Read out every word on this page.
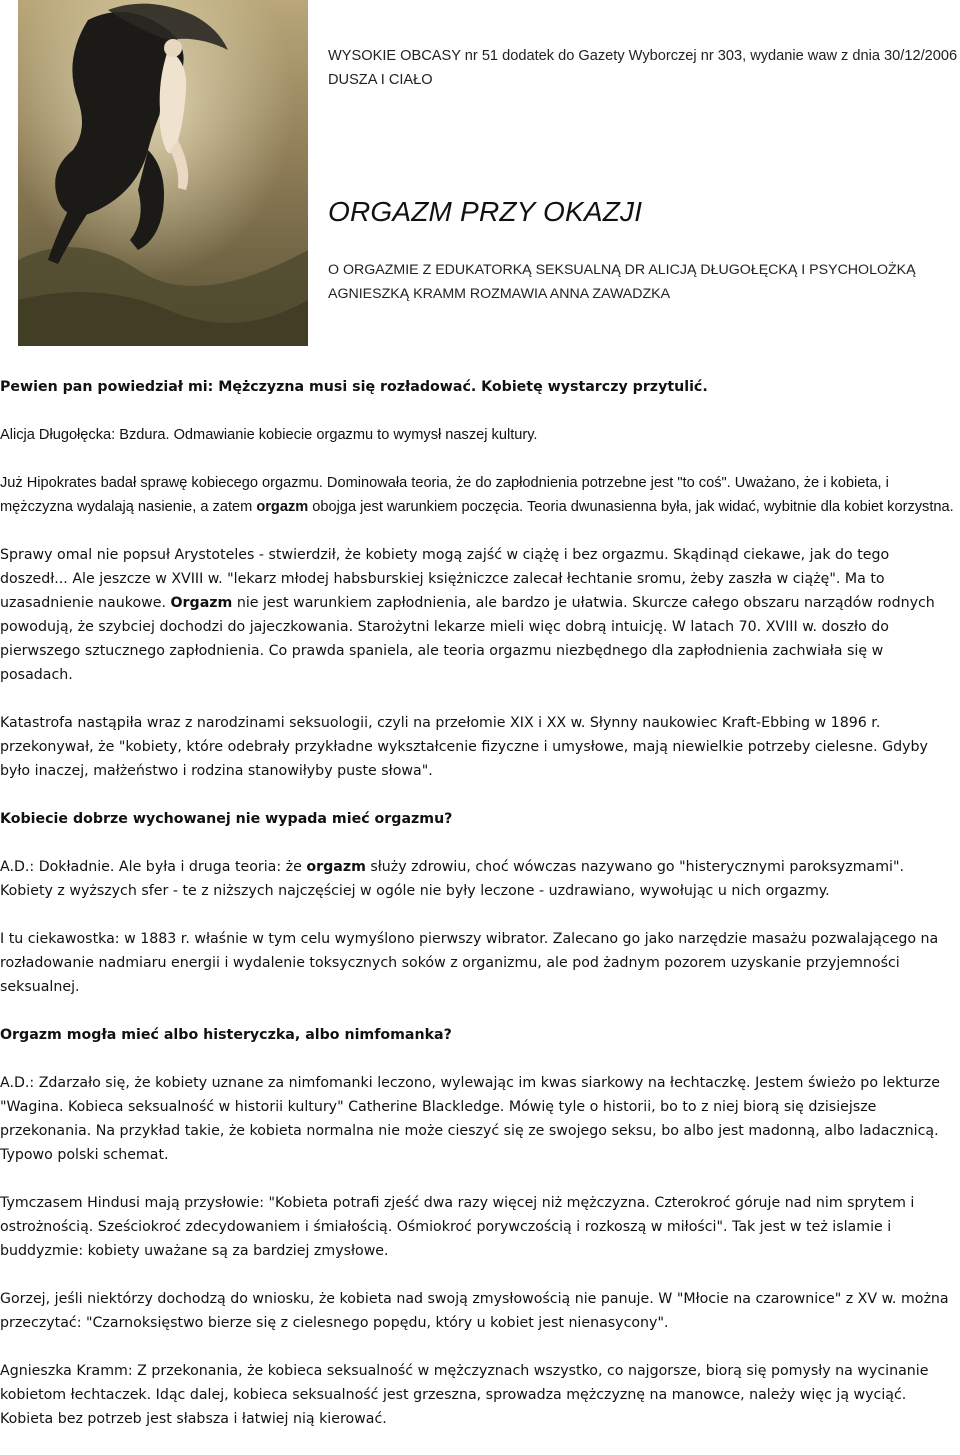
WYSOKIE OBCASY nr 51 dodatek do Gazety Wyborczej nr 303, wydanie waw z dnia 30/12/2006 DUSZA I CIAŁO

ORGAZM PRZY OKAZJI

O ORGAZMIE Z EDUKATORKĄ SEKSUALNĄ DR ALICJĄ DŁUGOŁĘCKĄ I PSYCHOLOŻKĄ AGNIESZKĄ KRAMM ROZMAWIA ANNA ZAWADZKA

Pewien pan powiedział mi: Mężczyzna musi się rozładować. Kobietę wystarczy przytulić.

Alicja Długołęcka: Bzdura. Odmawianie kobiecie orgazmu to wymysł naszej kultury.

Już Hipokrates badał sprawę kobiecego orgazmu. Dominowała teoria, że do zapłodnienia potrzebne jest "to coś". Uważano, że i kobieta, i mężczyzna wydalają nasienie, a zatem orgazm obojga jest warunkiem poczęcia. Teoria dwunasienna była, jak widać, wybitnie dla kobiet korzystna.

Sprawy omal nie popsuł Arystoteles - stwierdził, że kobiety mogą zajść w ciążę i bez orgazmu. Skądinąd ciekawe, jak do tego doszedł... Ale jeszcze w XVIII w. "lekarz młodej habsburskiej księżniczce zalecał łechtanie sromu, żeby zaszła w ciążę". Ma to uzasadnienie naukowe. Orgazm nie jest warunkiem zapłodnienia, ale bardzo je ułatwia. Skurcze całego obszaru narządów rodnych powodują, że szybciej dochodzi do jajeczkowania. Starożytni lekarze mieli więc dobrą intuicję. W latach 70. XVIII w. doszło do pierwszego sztucznego zapłodnienia. Co prawda spaniela, ale teoria orgazmu niezbędnego dla zapłodnienia zachwiała się w posadach.

Katastrofa nastąpiła wraz z narodzinami seksuologii, czyli na przełomie XIX i XX w. Słynny naukowiec Kraft-Ebbing w 1896 r. przekonywał, że "kobiety, które odebrały przykładne wykształcenie fizyczne i umysłowe, mają niewielkie potrzeby cielesne. Gdyby było inaczej, małżeństwo i rodzina stanowiłyby puste słowa".

Kobiecie dobrze wychowanej nie wypada mieć orgazmu?

A.D.: Dokładnie. Ale była i druga teoria: że orgazm służy zdrowiu, choć wówczas nazywano go "histerycznymi paroksyzmami". Kobiety z wyższych sfer - te z niższych najczęściej w ogóle nie były leczone - uzdrawiano, wywołując u nich orgazmy.

I tu ciekawostka: w 1883 r. właśnie w tym celu wymyślono pierwszy wibrator. Zalecano go jako narzędzie masażu pozwalającego na rozładowanie nadmiaru energii i wydalenie toksycznych soków z organizmu, ale pod żadnym pozorem uzyskanie przyjemności seksualnej.

Orgazm mogła mieć albo histeryczka, albo nimfomanka?

A.D.: Zdarzało się, że kobiety uznane za nimfomanki leczono, wylewając im kwas siarkowy na łechtaczkę. Jestem świeżo po lekturze "Wagina. Kobieca seksualność w historii kultury" Catherine Blackledge. Mówię tyle o historii, bo to z niej biorą się dzisiejsze przekonania. Na przykład takie, że kobieta normalna nie może cieszyć się ze swojego seksu, bo albo jest madonną, albo ladacznicą. Typowo polski schemat.

Tymczasem Hindusi mają przysłowie: "Kobieta potrafi zjeść dwa razy więcej niż mężczyzna. Czterokroć góruje nad nim sprytem i ostrożnością. Sześciokroć zdecydowaniem i śmiałością. Ośmiokroć porywczością i rozkoszą w miłości". Tak jest w też islamie i buddyzmie: kobiety uważane są za bardziej zmysłowe.

Gorzej, jeśli niektórzy dochodzą do wniosku, że kobieta nad swoją zmysłowością nie panuje. W "Młocie na czarownice" z XV w. można przeczytać: "Czarnoksięstwo bierze się z cielesnego popędu, który u kobiet jest nienasycony".

Agnieszka Kramm: Z przekonania, że kobieca seksualność w mężczyznach wszystko, co najgorsze, biorą się pomysły na wycinanie kobietom łechtaczek. Idąc dalej, kobieca seksualność jest grzeszna, sprowadza mężczyznę na manowce, należy więc ją wyciąć. Kobieta bez potrzeb jest słabsza i łatwiej nią kierować.
